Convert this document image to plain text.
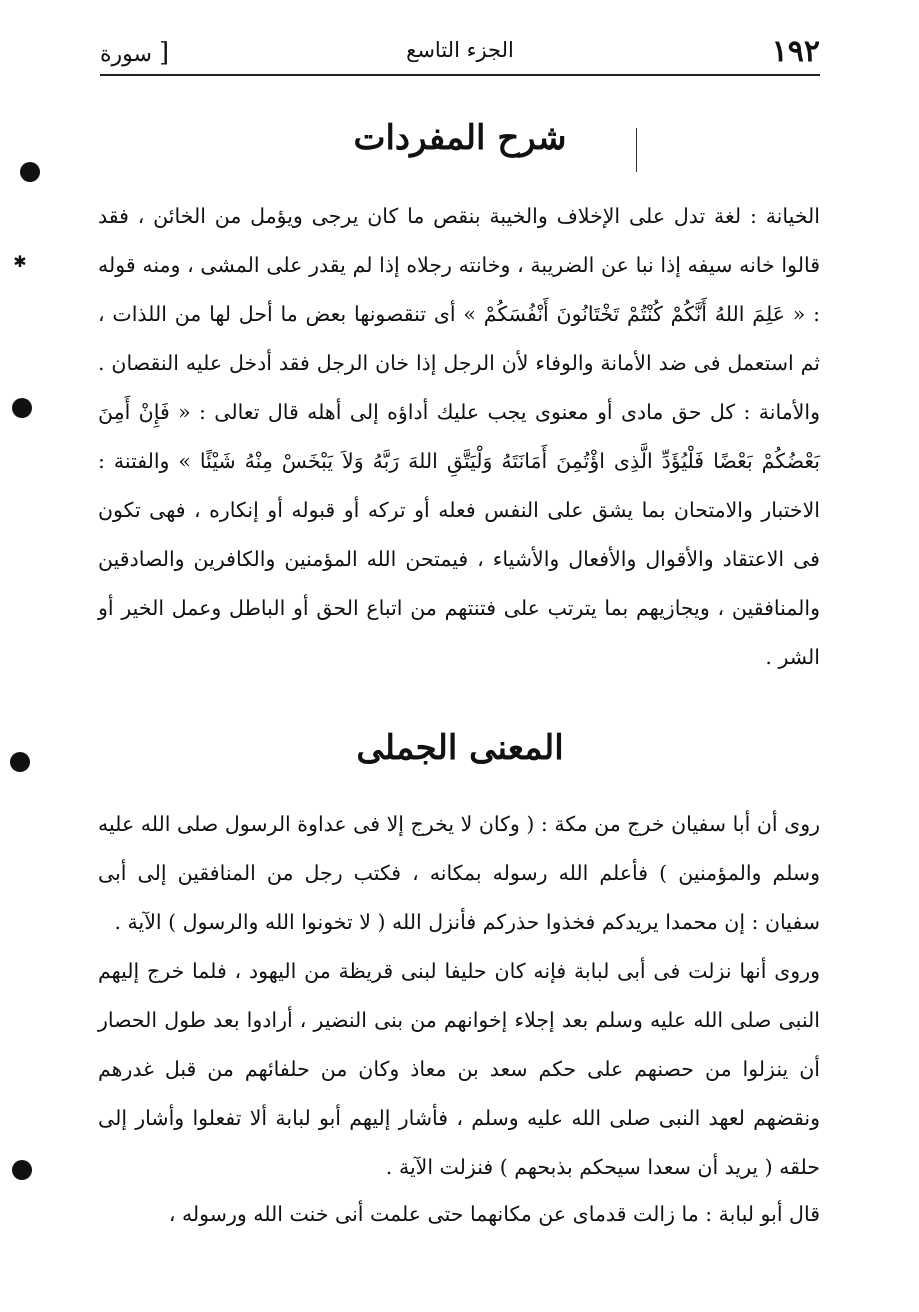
١٩٢
الجزء التاسع
[ سورة
شرح المفردات
الخيانة : لغة تدل على الإخلاف والخيبة بنقص ما كان يرجى ويؤمل من الخائن ، فقد قالوا خانه سيفه إذا نبا عن الضريبة ، وخانته رجلاه إذا لم يقدر على المشى ، ومنه قوله : « عَلِمَ اللهُ أَنَّكُمْ كُنْتُمْ تَخْتَانُونَ أَنْفُسَكُمْ » أى تنقصونها بعض ما أحل لها من اللذات ، ثم استعمل فى ضد الأمانة والوفاء لأن الرجل إذا خان الرجل فقد أدخل عليه النقصان . والأمانة : كل حق مادى أو معنوى يجب عليك أداؤه إلى أهله قال تعالى : « فَإِنْ أَمِنَ بَعْضُكُمْ بَعْضًا فَلْيُؤَدِّ الَّذِى اؤْتُمِنَ أَمَانَتَهُ وَلْيَتَّقِ اللهَ رَبَّهُ وَلاَ يَبْخَسْ مِنْهُ شَيْئًا » والفتنة : الاختبار والامتحان بما يشق على النفس فعله أو تركه أو قبوله أو إنكاره ، فهى تكون فى الاعتقاد والأقوال والأفعال والأشياء ، فيمتحن الله المؤمنين والكافرين والصادقين والمنافقين ، ويجازيهم بما يترتب على فتنتهم من اتباع الحق أو الباطل وعمل الخير أو الشر .
المعنى الجملى
روى أن أبا سفيان خرج من مكة : ( وكان لا يخرج إلا فى عداوة الرسول صلى الله عليه وسلم والمؤمنين ) فأعلم الله رسوله بمكانه ، فكتب رجل من المنافقين إلى أبى سفيان : إن محمدا يريدكم فخذوا حذركم فأنزل الله ( لا تخونوا الله والرسول ) الآية .
وروى أنها نزلت فى أبى لبابة فإنه كان حليفا لبنى قريظة من اليهود ، فلما خرج إليهم النبى صلى الله عليه وسلم بعد إجلاء إخوانهم من بنى النضير ، أرادوا بعد طول الحصار أن ينزلوا من حصنهم على حكم سعد بن معاذ وكان من حلفائهم من قبل غدرهم ونقضهم لعهد النبى صلى الله عليه وسلم ، فأشار إليهم أبو لبابة ألا تفعلوا وأشار إلى حلقه ( يريد أن سعدا سيحكم بذبحهم ) فنزلت الآية .
قال أبو لبابة : ما زالت قدماى عن مكانهما حتى علمت أنى خنت الله ورسوله ،
✱
